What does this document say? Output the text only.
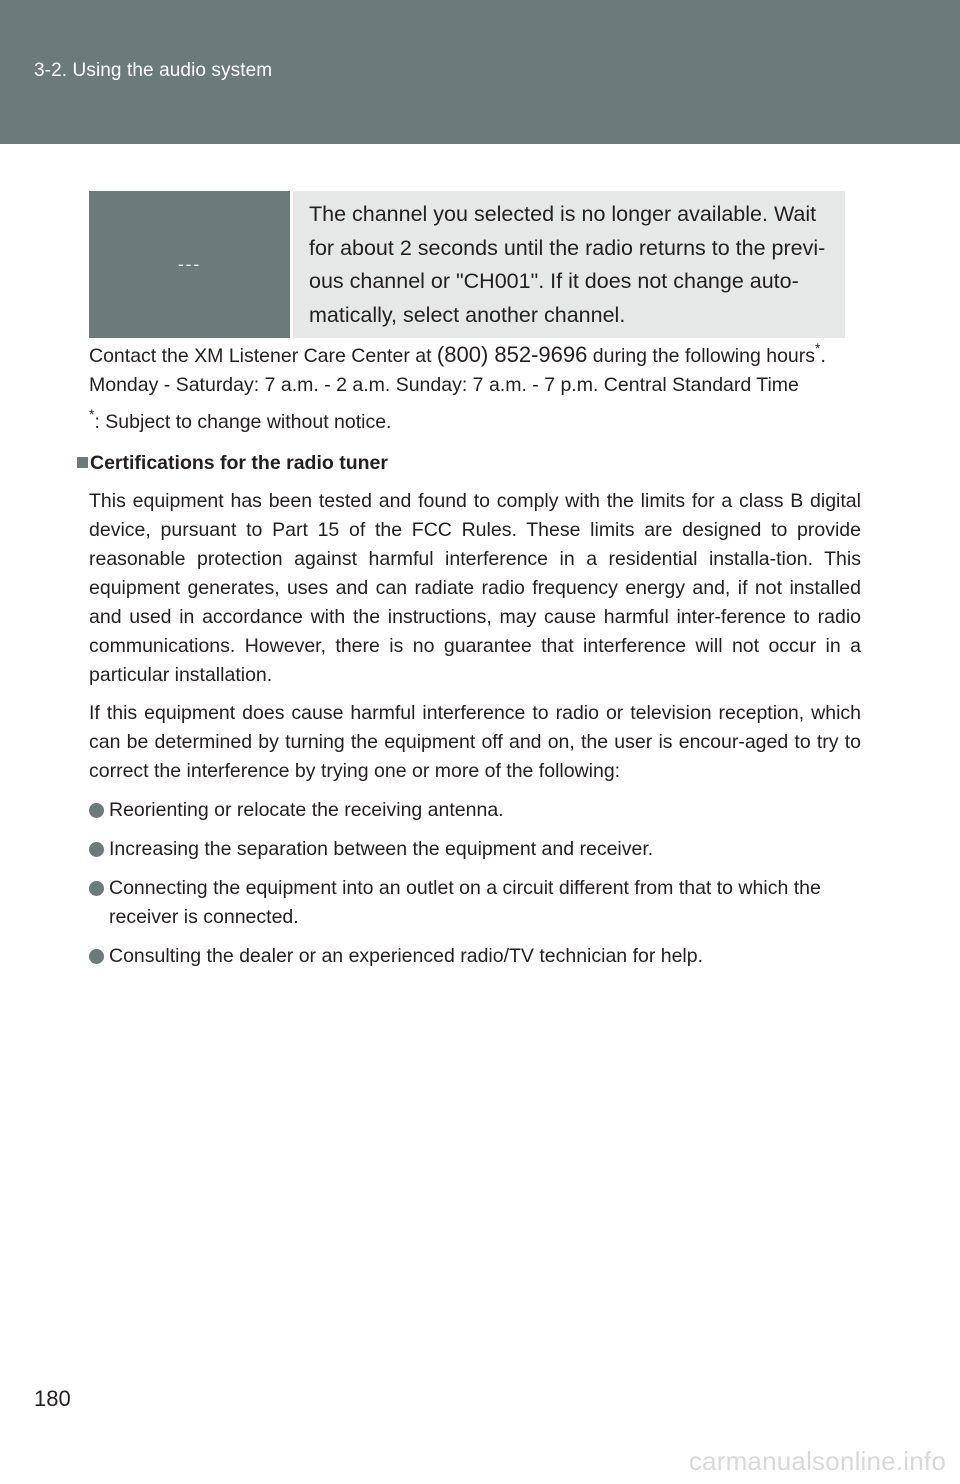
3-2. Using the audio system
---
The channel you selected is no longer available. Wait for about 2 seconds until the radio returns to the previ-ous channel or "CH001". If it does not change auto-matically, select another channel.

Contact the XM Listener Care Center at (800) 852-9696 during the following hours*.
Monday - Saturday: 7 a.m. - 2 a.m. Sunday: 7 a.m. - 7 p.m. Central Standard Time

*: Subject to change without notice.

Certifications for the radio tuner

This equipment has been tested and found to comply with the limits for a class B digital device, pursuant to Part 15 of the FCC Rules. These limits are designed to provide reasonable protection against harmful interference in a residential installa-tion. This equipment generates, uses and can radiate radio frequency energy and, if not installed and used in accordance with the instructions, may cause harmful inter-ference to radio communications. However, there is no guarantee that interference will not occur in a particular installation.

If this equipment does cause harmful interference to radio or television reception, which can be determined by turning the equipment off and on, the user is encour-aged to try to correct the interference by trying one or more of the following:

Reorienting or relocate the receiving antenna.
Increasing the separation between the equipment and receiver.
Connecting the equipment into an outlet on a circuit different from that to which the receiver is connected.
Consulting the dealer or an experienced radio/TV technician for help.
180
carmanualsonline.info
